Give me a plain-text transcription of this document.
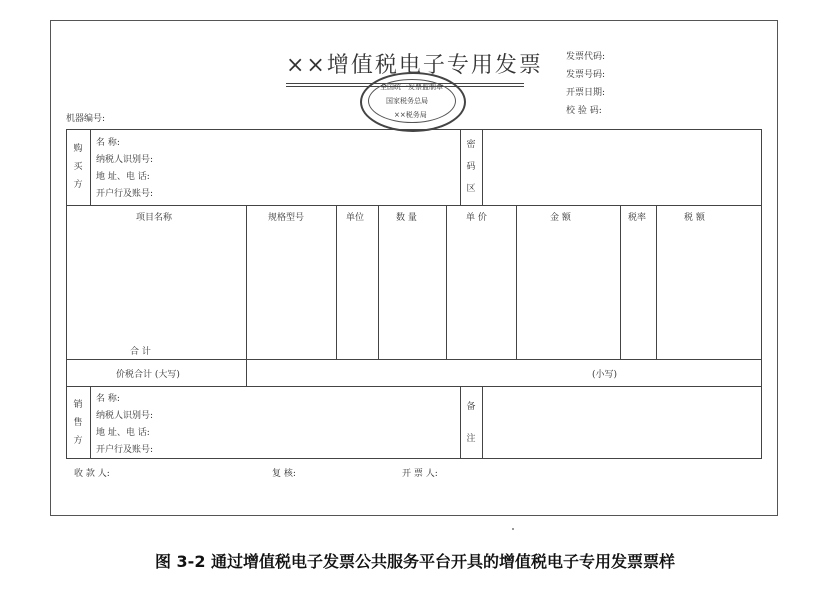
××增值税电子专用发票
全国统一发票监制章
国家税务总局
××税务局
发票代码:
发票号码:
开票日期:
校 验 码:
机器编号:
购
买
方
名 称:
纳税人识别号:
地 址、电 话:
开户行及账号:
密
码
区
项目名称	规格型号	单位	数 量	单 价	金 额	税率	税 额
合 计
价税合计 (大写)	(小写)
销
售
方
名 称:
纳税人识别号:
地 址、电 话:
开户行及账号:
备
注
收 款 人:	复 核:	开 票 人:
图 3-2 通过增值税电子发票公共服务平台开具的增值税电子专用发票票样
